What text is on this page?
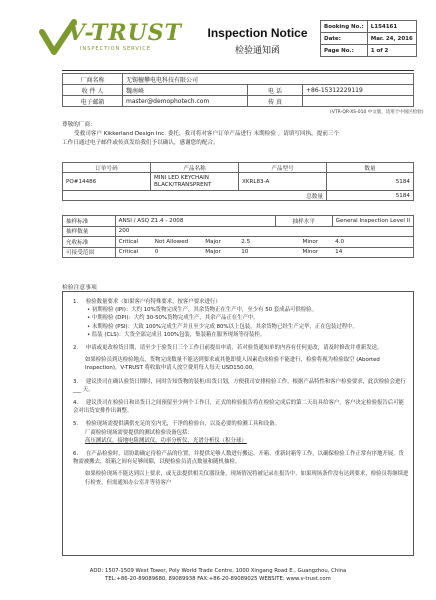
V-TRUST
INSPECTION SERVICE
Inspection Notice
检验通知函
Booking No.:	L154161
Date:	Mar. 24, 2016
Page No.:	1 of 2
厂商名称	无锡檀攀电电科技有限公司		
收 件 人	魏南峰	电 话	+86-15312229119
电子邮箱	master@demophotech.com	传 真	
(VTR-QR-XS-010 中文版，适用于中国区检验)

尊敬的厂商：

受救司客户 Kikkerland Design Inc. 委托，我司将对客户订单产品进行 末期检验 。请填写回执，提前三个

工作日通过电子邮件或传真发给我们予以确认，感谢您的配合。

订单号码	产品名称	产品型号	数量
PO#14486	MINI LED KEYCHAIN
BLACK/TRANSPRENT	XKRL83-A	5184
总数量			5184
抽样标准	ANSI / ASQ Z1.4 - 2008				抽样水平	General Inspection Level II
抽样数量	200					
允收标准	Critical	Not Allowed	Major	2.5	Minor	4.0
可接受范围	Critical	0	Major	10	Minor	14
检验注意事项
1. 检验数量要求（如果客户有特殊要求，按客户要求进行）
• 初期检验 (IPI)：大约 10%货物完成生产，其余货物正在生产中，至少有 50 套成品可供检验。
• 中期检验 (DPI)：大约 30-50%货物完成生产，其余产品正在生产中。
• 末期检验 (PSI)：大致 100%完成生产并且至少完成 80%以上包装，其余货物已经生产完毕，正在包装过程中。
• 监装 (CLS)：大货全部完成且 100%包装，集装箱在服务现场等待装柜。
2. 申请或更改检货日期，请至少于验货日三个工作日前提出申请，若对验货通知单的内容有任何更改，请及时修改并重新发送。
如果检验员到达检验地点，货物完成数量不能达到要求或其他即使人因素造成检验不能进行，检验将视为检验取空 (Aborted Inspection)，V-TRUST 将收取申请人放空费用每人每天 USD150.00。
3. 建议贵司在确认验货日期时，同时告知货物的装柜/出货日划，方便我司安排检验工作，根据产品特性和客户检验要求，此次检验会进行 ___ 天。
4. 建议贵司在检验日和出货日之间预留至少两个工作日，正式的检验报告将在检验完成后的第二天出具给客户，客户决定检验报告后可能会对出货安排作出调整。
5. 检验现场需提供满供充足的室内光，干净的检验台，以及必要的检测工具和设备。
厂商检验现场需要提供的测试检验设备包括：
高压测试仪，接地电阻测试仪，功率分析仪，光谱分析仪（积分球）
6. 在产品检验时，请协助确定待检产品的位置，并提供足够人数进行搬运、开箱、重新封箱等工作，以确保检验工作正常有序地开展。货物需被搬去，纸箱之间有足够间隙，以便检验员清点数量和随机抽检。
如果检验现场不能达到以上要求，或无法提供相关仪器设备，现场情况将被记录在报告中，如果现场条件没有达到要求，检验员将继续进行检查，但需通知办公室并等待客户
ADD: 1507-1509 West Tower, Poly World Trade Centre, 1000 Xingang Road E., Guangzhou, China
TEL:+86-20-89089680, 89089938 FAX:+86-20-89089025 WEBSITE: www.v-trust.com
